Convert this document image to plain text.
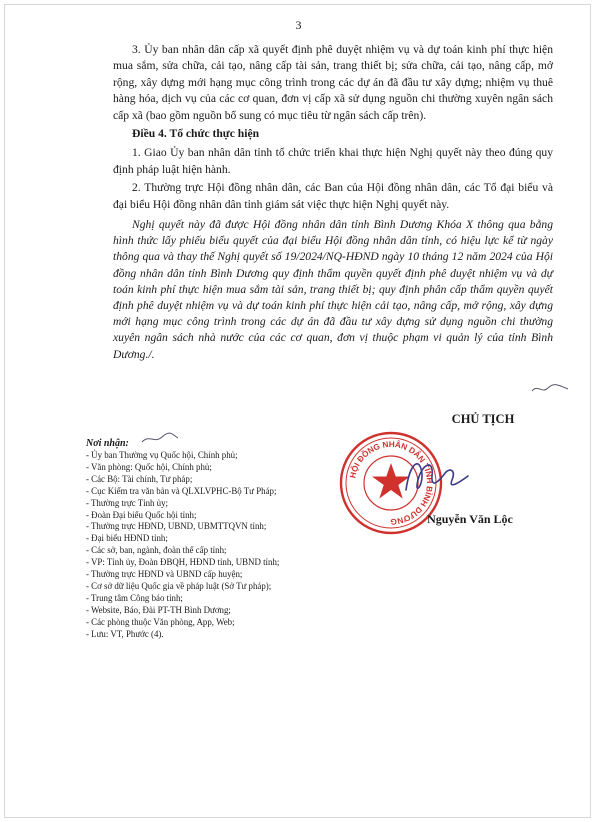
3

3. Ủy ban nhân dân cấp xã quyết định phê duyệt nhiệm vụ và dự toán kinh phí thực hiện mua sắm, sửa chữa, cải tạo, nâng cấp tài sản, trang thiết bị; sửa chữa, cải tạo, nâng cấp, mở rộng, xây dựng mới hạng mục công trình trong các dự án đã đầu tư xây dựng; nhiệm vụ thuê hàng hóa, dịch vụ của các cơ quan, đơn vị cấp xã sử dụng nguồn chi thường xuyên ngân sách cấp xã (bao gồm nguồn bổ sung có mục tiêu từ ngân sách cấp trên).

Điều 4. Tổ chức thực hiện

1. Giao Ủy ban nhân dân tỉnh tổ chức triển khai thực hiện Nghị quyết này theo đúng quy định pháp luật hiện hành.

2. Thường trực Hội đồng nhân dân, các Ban của Hội đồng nhân dân, các Tổ đại biểu và đại biểu Hội đồng nhân dân tỉnh giám sát việc thực hiện Nghị quyết này.

Nghị quyết này đã được Hội đồng nhân dân tỉnh Bình Dương Khóa X thông qua bằng hình thức lấy phiếu biểu quyết của đại biểu Hội đồng nhân dân tỉnh, có hiệu lực kể từ ngày thông qua và thay thế Nghị quyết số 19/2024/NQ-HĐND ngày 10 tháng 12 năm 2024 của Hội đồng nhân dân tỉnh Bình Dương quy định thẩm quyền quyết định phê duyệt nhiệm vụ và dự toán kinh phí thực hiện mua sắm tài sản, trang thiết bị; quy định phân cấp thẩm quyền quyết định phê duyệt nhiệm vụ và dự toán kinh phí thực hiện cải tạo, nâng cấp, mở rộng, xây dựng mới hạng mục công trình trong các dự án đã đầu tư xây dựng sử dụng nguồn chi thường xuyên ngân sách nhà nước của các cơ quan, đơn vị thuộc phạm vi quản lý của tỉnh Bình Dương./.

Nơi nhận:
- Ủy ban Thường vụ Quốc hội, Chính phủ;
- Văn phòng: Quốc hội, Chính phủ;
- Các Bộ: Tài chính, Tư pháp;
- Cục Kiểm tra văn bản và QLXLVPHC-Bộ Tư Pháp;
- Thường trực Tỉnh ủy;
- Đoàn Đại biểu Quốc hội tỉnh;
- Thường trực HĐND, UBND, UBMTTQVN tỉnh;
- Đại biểu HĐND tỉnh;
- Các sở, ban, ngành, đoàn thể cấp tỉnh;
- VP: Tỉnh ủy, Đoàn ĐBQH, HĐND tỉnh, UBND tỉnh;
- Thường trực HĐND và UBND cấp huyện;
- Cơ sở dữ liệu Quốc gia về pháp luật (Sở Tư pháp);
- Trung tâm Công báo tỉnh;
- Website, Báo, Đài PT-TH Bình Dương;
- Các phòng thuộc Văn phòng, App, Web;
- Lưu: VT, Phước (4).
CHỦ TỊCH
HỘI ĐỒNG NHÂN DÂN TỈNH BÌNH DƯƠNG	Nguyễn Văn Lộc
